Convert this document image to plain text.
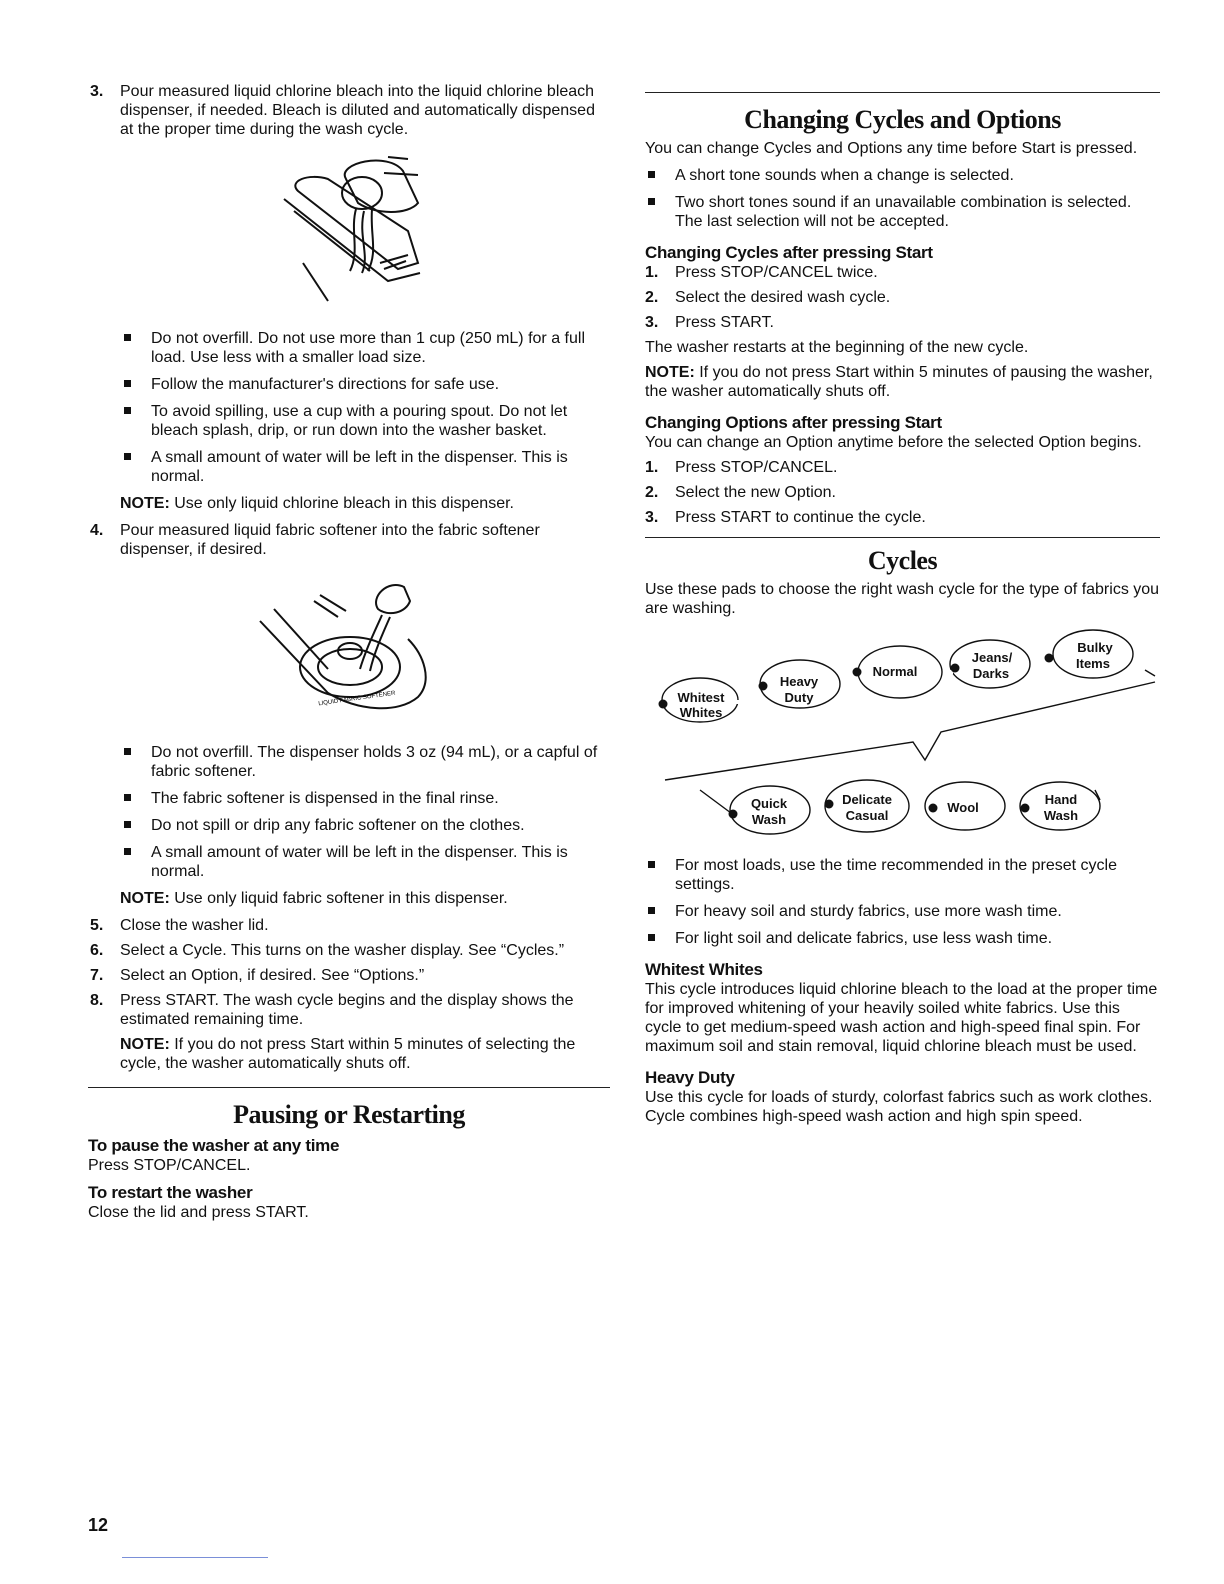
3. Pour measured liquid chlorine bleach into the liquid chlorine bleach dispenser, if needed. Bleach is diluted and automatically dispensed at the proper time during the wash cycle.
Do not overfill. Do not use more than 1 cup (250 mL) for a full load. Use less with a smaller load size.
Follow the manufacturer's directions for safe use.
To avoid spilling, use a cup with a pouring spout. Do not let bleach splash, drip, or run down into the washer basket.
A small amount of water will be left in the dispenser. This is normal.

NOTE: Use only liquid chlorine bleach in this dispenser.

4. Pour measured liquid fabric softener into the fabric softener dispenser, if desired.
LIQUID FABRIC SOFTENER
Do not overfill. The dispenser holds 3 oz (94 mL), or a capful of fabric softener.
The fabric softener is dispensed in the final rinse.
Do not spill or drip any fabric softener on the clothes.
A small amount of water will be left in the dispenser. This is normal.

NOTE: Use only liquid fabric softener in this dispenser.

5. Close the washer lid.
6. Select a Cycle. This turns on the washer display. See “Cycles.”
7. Select an Option, if desired. See “Options.”
8. Press START. The wash cycle begins and the display shows the estimated remaining time.

NOTE: If you do not press Start within 5 minutes of selecting the cycle, the washer automatically shuts off.

Pausing or Restarting
To pause the washer at any time

Press STOP/CANCEL.

To restart the washer

Close the lid and press START.

Changing Cycles and Options

You can change Cycles and Options any time before Start is pressed.

A short tone sounds when a change is selected.
Two short tones sound if an unavailable combination is selected. The last selection will not be accepted.
Changing Cycles after pressing Start
1. Press STOP/CANCEL twice.
2. Select the desired wash cycle.
3. Press START.

The washer restarts at the beginning of the new cycle.

NOTE: If you do not press Start within 5 minutes of pausing the washer, the washer automatically shuts off.

Changing Options after pressing Start

You can change an Option anytime before the selected Option begins.

1. Press STOP/CANCEL.
2. Select the new Option.
3. Press START to continue the cycle.
Cycles

Use these pads to choose the right wash cycle for the type of fabrics you are washing.

Whitest
Whites
Heavy
Duty
Normal
Jeans/
Darks
Bulky
Items
Quick
Wash
Delicate
Casual
Wool
Hand
Wash
For most loads, use the time recommended in the preset cycle settings.
For heavy soil and sturdy fabrics, use more wash time.
For light soil and delicate fabrics, use less wash time.
Whitest Whites

This cycle introduces liquid chlorine bleach to the load at the proper time for improved whitening of your heavily soiled white fabrics. Use this cycle to get medium-speed wash action and high-speed final spin. For maximum soil and stain removal, liquid chlorine bleach must be used.

Heavy Duty

Use this cycle for loads of sturdy, colorfast fabrics such as work clothes. Cycle combines high-speed wash action and high spin speed.

12
